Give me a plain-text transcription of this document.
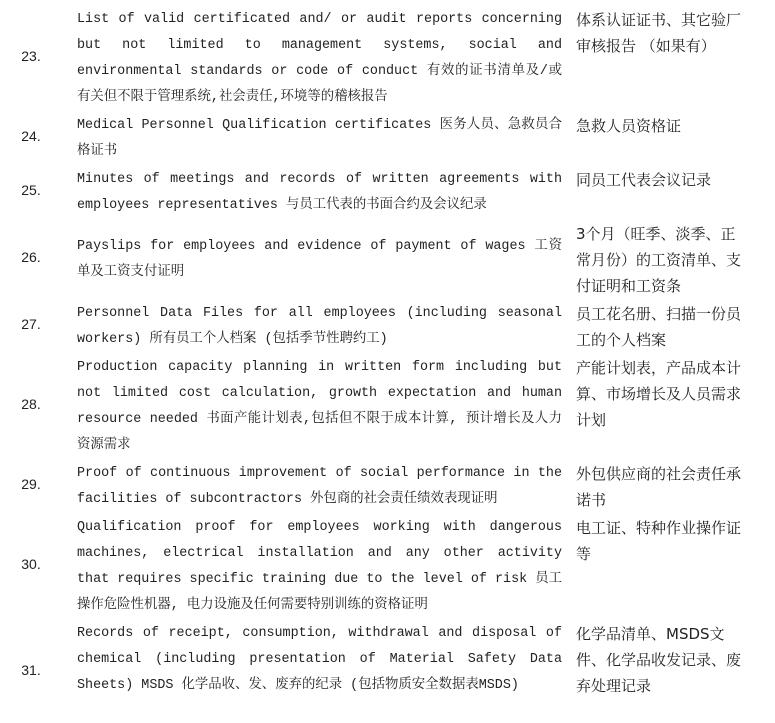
23.
List of valid certificated and/ or audit reports concerning but not limited to management systems, social and environmental standards or code of conduct 有效的证书清单及/或有关但不限于管理系统,社会责任,环境等的稽核报告
体系认证证书、其它验厂审核报告 （如果有）
24.
Medical Personnel Qualification certificates 医务人员、急救员合格证书
急救人员资格证
25.
Minutes of meetings and records of written agreements with employees representatives 与员工代表的书面合约及会议纪录
同员工代表会议记录
26.
Payslips for employees and evidence of payment of wages 工资单及工资支付证明
3个月（旺季、淡季、正常月份）的工资清单、支付证明和工资条
27.
Personnel Data Files for all employees (including seasonal workers) 所有员工个人档案 (包括季节性聘约工)
员工花名册、扫描一份员工的个人档案
28.
Production capacity planning in written form including but not limited cost calculation, growth expectation and human resource needed 书面产能计划表,包括但不限于成本计算, 预计增长及人力资源需求
产能计划表，产品成本计算、市场增长及人员需求计划
29.
Proof of continuous improvement of social performance in the facilities of subcontractors 外包商的社会责任绩效表现证明
外包供应商的社会责任承诺书
30.
Qualification proof for employees working with dangerous machines, electrical installation and any other activity that requires specific training due to the level of risk 员工操作危险性机器, 电力设施及任何需要特别训练的资格证明
电工证、特种作业操作证等
31.
Records of receipt, consumption, withdrawal and disposal of chemical (including presentation of Material Safety Data Sheets) MSDS 化学品收、发、废弃的纪录 (包括物质安全数据表MSDS)
化学品清单、MSDS文件、化学品收发记录、废弃处理记录
